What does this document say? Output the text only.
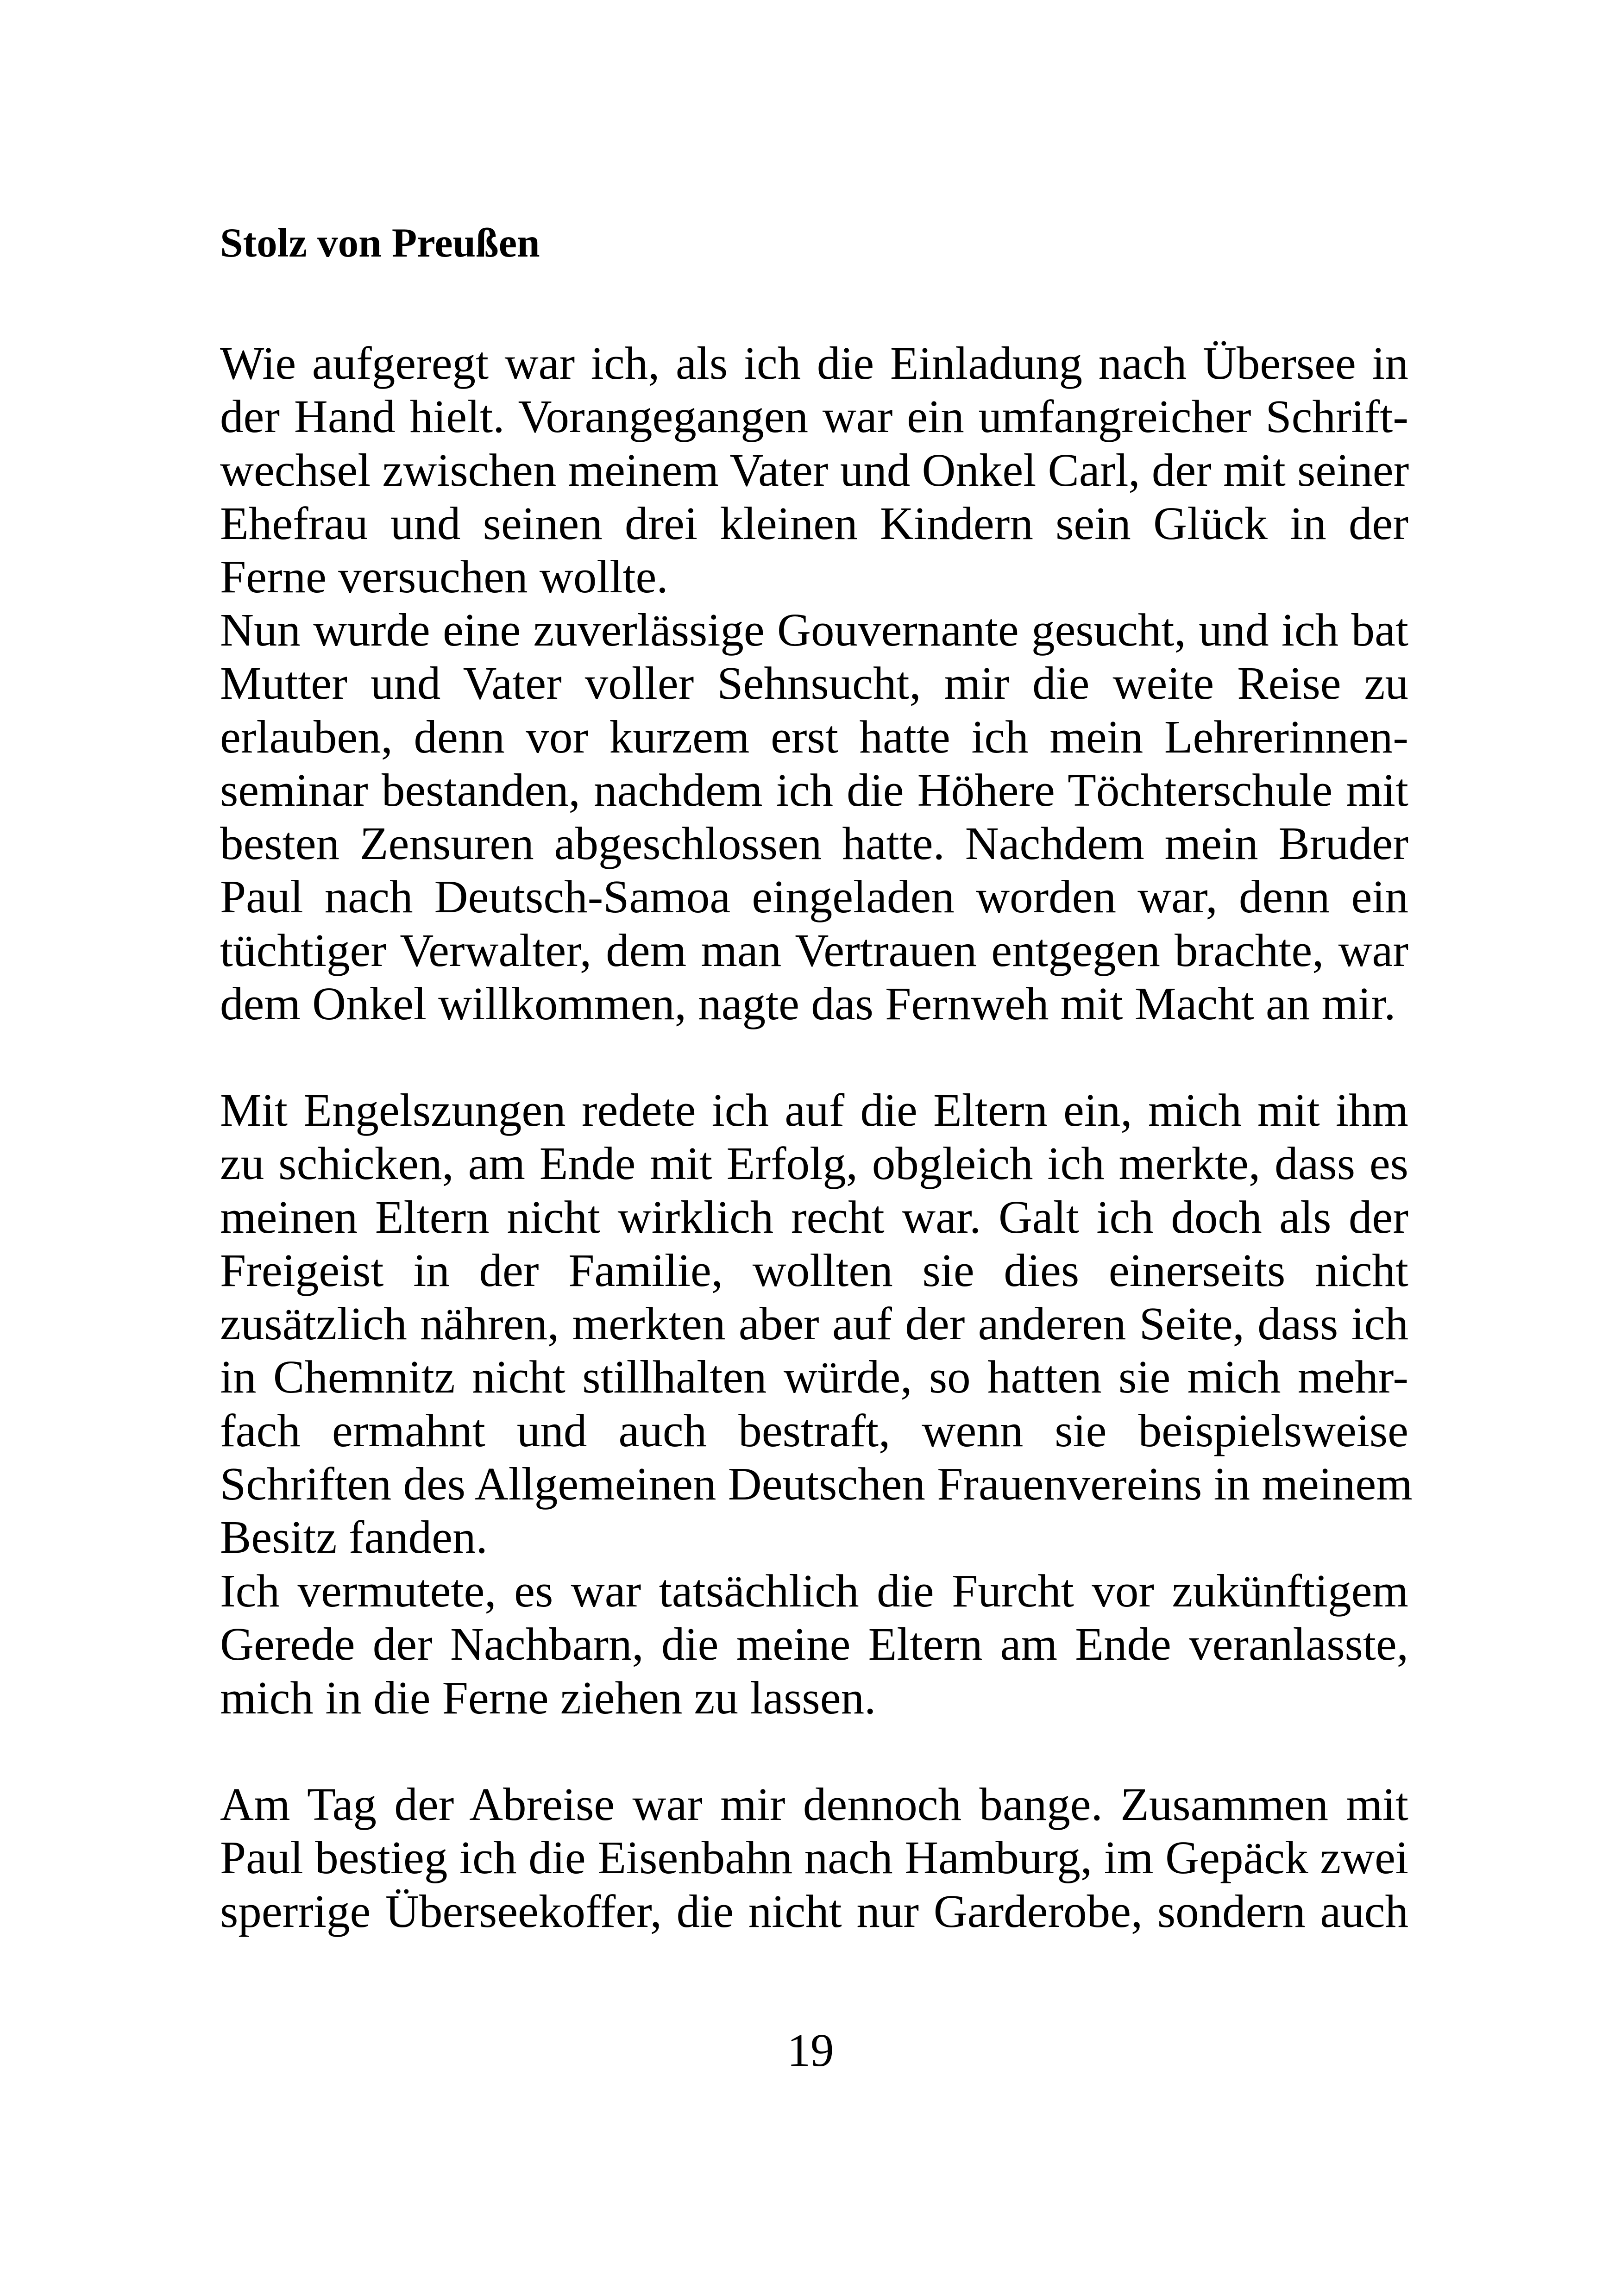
Stolz von Preußen
Wie aufgeregt war ich, als ich die Einladung nach Übersee in
der Hand hielt. Vorangegangen war ein umfangreicher Schrift-
wechsel zwischen meinem Vater und Onkel Carl, der mit seiner
Ehefrau und seinen drei kleinen Kindern sein Glück in der
Ferne versuchen wollte.
Nun wurde eine zuverlässige Gouvernante gesucht, und ich bat
Mutter und Vater voller Sehnsucht, mir die weite Reise zu
erlauben, denn vor kurzem erst hatte ich mein Lehrerinnen-
seminar bestanden, nachdem ich die Höhere Töchterschule mit
besten Zensuren abgeschlossen hatte. Nachdem mein Bruder
Paul nach Deutsch-Samoa eingeladen worden war, denn ein
tüchtiger Verwalter, dem man Vertrauen entgegen brachte, war
dem Onkel willkommen, nagte das Fernweh mit Macht an mir.
Mit Engelszungen redete ich auf die Eltern ein, mich mit ihm
zu schicken, am Ende mit Erfolg, obgleich ich merkte, dass es
meinen Eltern nicht wirklich recht war. Galt ich doch als der
Freigeist in der Familie, wollten sie dies einerseits nicht
zusätzlich nähren, merkten aber auf der anderen Seite, dass ich
in Chemnitz nicht stillhalten würde, so hatten sie mich mehr-
fach ermahnt und auch bestraft, wenn sie beispielsweise
Schriften des Allgemeinen Deutschen Frauenvereins in meinem
Besitz fanden.
Ich vermutete, es war tatsächlich die Furcht vor zukünftigem
Gerede der Nachbarn, die meine Eltern am Ende veranlasste,
mich in die Ferne ziehen zu lassen.
Am Tag der Abreise war mir dennoch bange. Zusammen mit
Paul bestieg ich die Eisenbahn nach Hamburg, im Gepäck zwei
sperrige Überseekoffer, die nicht nur Garderobe, sondern auch
19
